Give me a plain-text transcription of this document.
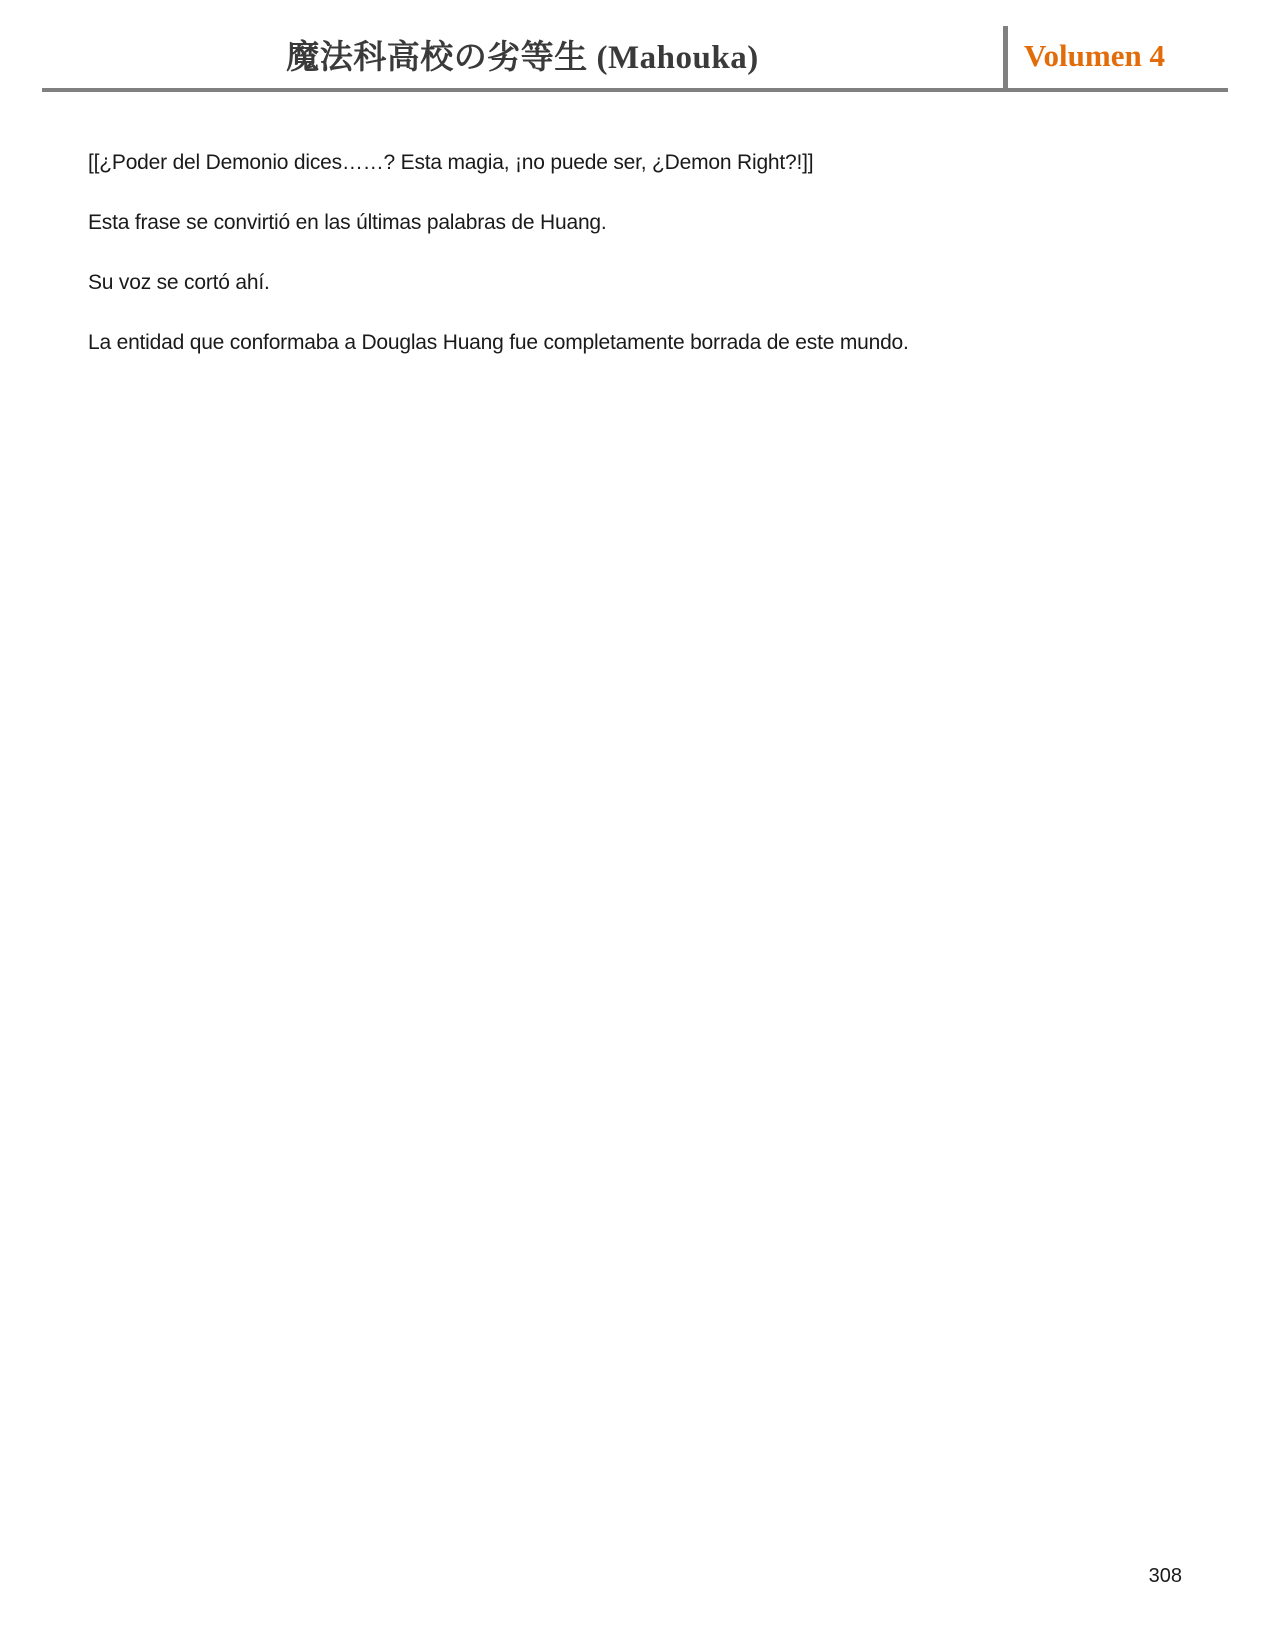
魔法科高校の劣等生 (Mahouka)	Volumen 4

[[¿Poder del Demonio dices……? Esta magia, ¡no puede ser, ¿Demon Right?!]]

Esta frase se convirtió en las últimas palabras de Huang.

Su voz se cortó ahí.

La entidad que conformaba a Douglas Huang fue completamente borrada de este mundo.

308
